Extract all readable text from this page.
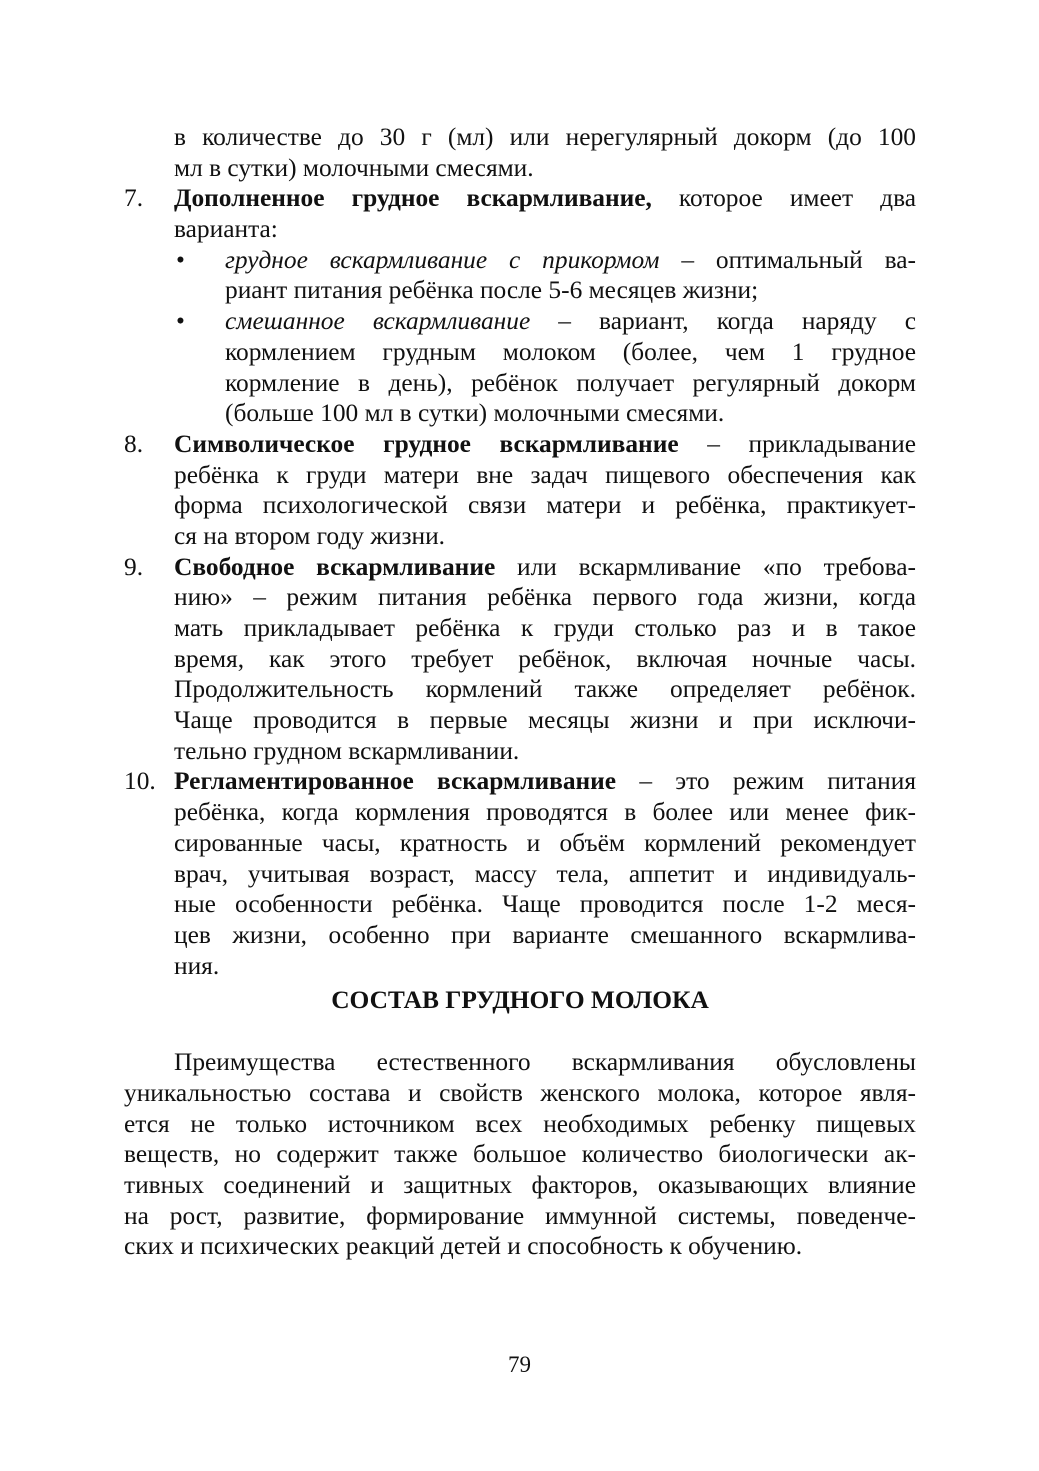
в количестве до 30 г (мл) или нерегулярный докорм (до 100
мл в сутки) молочными смесями.
7. Дополненное грудное вскармливание, которое имеет два
варианта:
• грудное вскармливание с прикормом – оптимальный ва-
риант питания ребёнка после 5-6 месяцев жизни;
• смешанное вскармливание – вариант, когда наряду с
кормлением грудным молоком (более, чем 1 грудное
кормление в день), ребёнок получает регулярный докорм
(больше 100 мл в сутки) молочными смесями.
8. Символическое грудное вскармливание – прикладывание
ребёнка к груди матери вне задач пищевого обеспечения как
форма психологической связи матери и ребёнка, практикует-
ся на втором году жизни.
9. Свободное вскармливание или вскармливание «по требова-
нию» – режим питания ребёнка первого года жизни, когда
мать прикладывает ребёнка к груди столько раз и в такое
время, как этого требует ребёнок, включая ночные часы.
Продолжительность кормлений также определяет ребёнок.
Чаще проводится в первые месяцы жизни и при исключи-
тельно грудном вскармливании.
10. Регламентированное вскармливание – это режим питания
ребёнка, когда кормления проводятся в более или менее фик-
сированные часы, кратность и объём кормлений рекомендует
врач, учитывая возраст, массу тела, аппетит и индивидуаль-
ные особенности ребёнка. Чаще проводится после 1-2 меся-
цев жизни, особенно при варианте смешанного вскармлива-
ния.
СОСТАВ ГРУДНОГО МОЛОКА
Преимущества естественного вскармливания обусловлены
уникальностью состава и свойств женского молока, которое явля-
ется не только источником всех необходимых ребенку пищевых
веществ, но содержит также большое количество биологически ак-
тивных соединений и защитных факторов, оказывающих влияние
на рост, развитие, формирование иммунной системы, поведенче-
ских и психических реакций детей и способность к обучению.
79
